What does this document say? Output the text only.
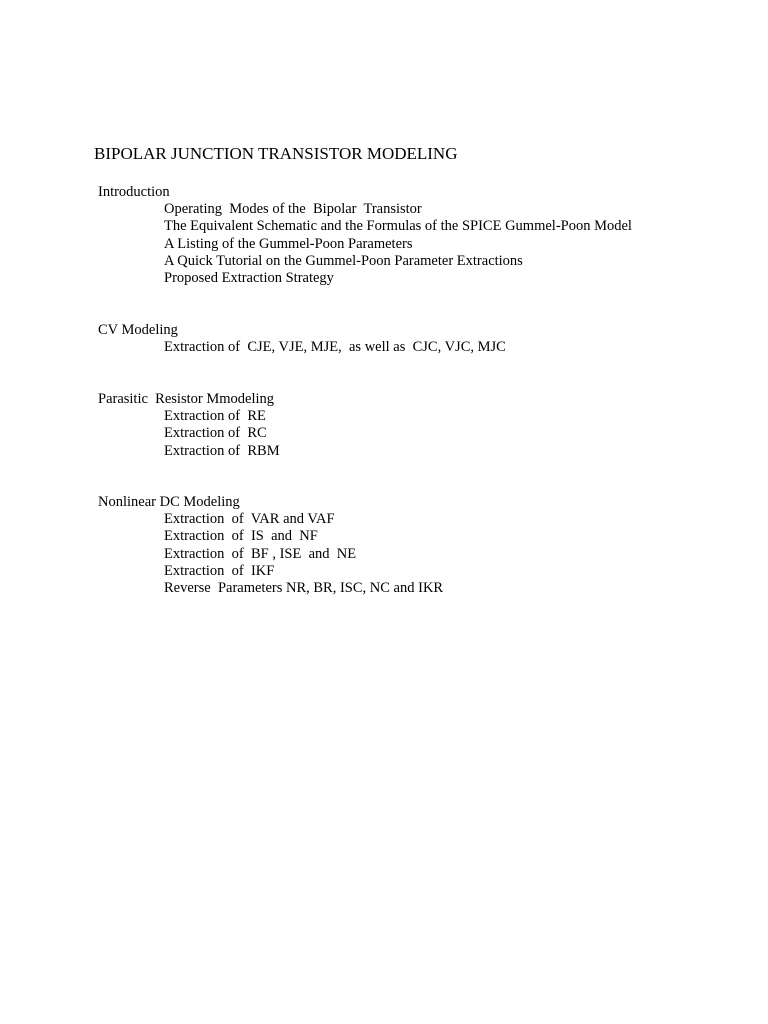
BIPOLAR JUNCTION TRANSISTOR MODELING
Introduction
Operating  Modes of the  Bipolar  Transistor
The Equivalent Schematic and the Formulas of the SPICE Gummel-Poon Model
A Listing of the Gummel-Poon Parameters
A Quick Tutorial on the Gummel-Poon Parameter Extractions
Proposed Extraction Strategy
CV Modeling
Extraction of  CJE, VJE, MJE,  as well as  CJC, VJC, MJC
Parasitic  Resistor Mmodeling
Extraction of  RE
Extraction of  RC
Extraction of  RBM
Nonlinear DC Modeling
Extraction  of  VAR and VAF
Extraction  of  IS  and  NF
Extraction  of  BF , ISE  and  NE
Extraction  of  IKF
Reverse  Parameters NR, BR, ISC, NC and IKR
